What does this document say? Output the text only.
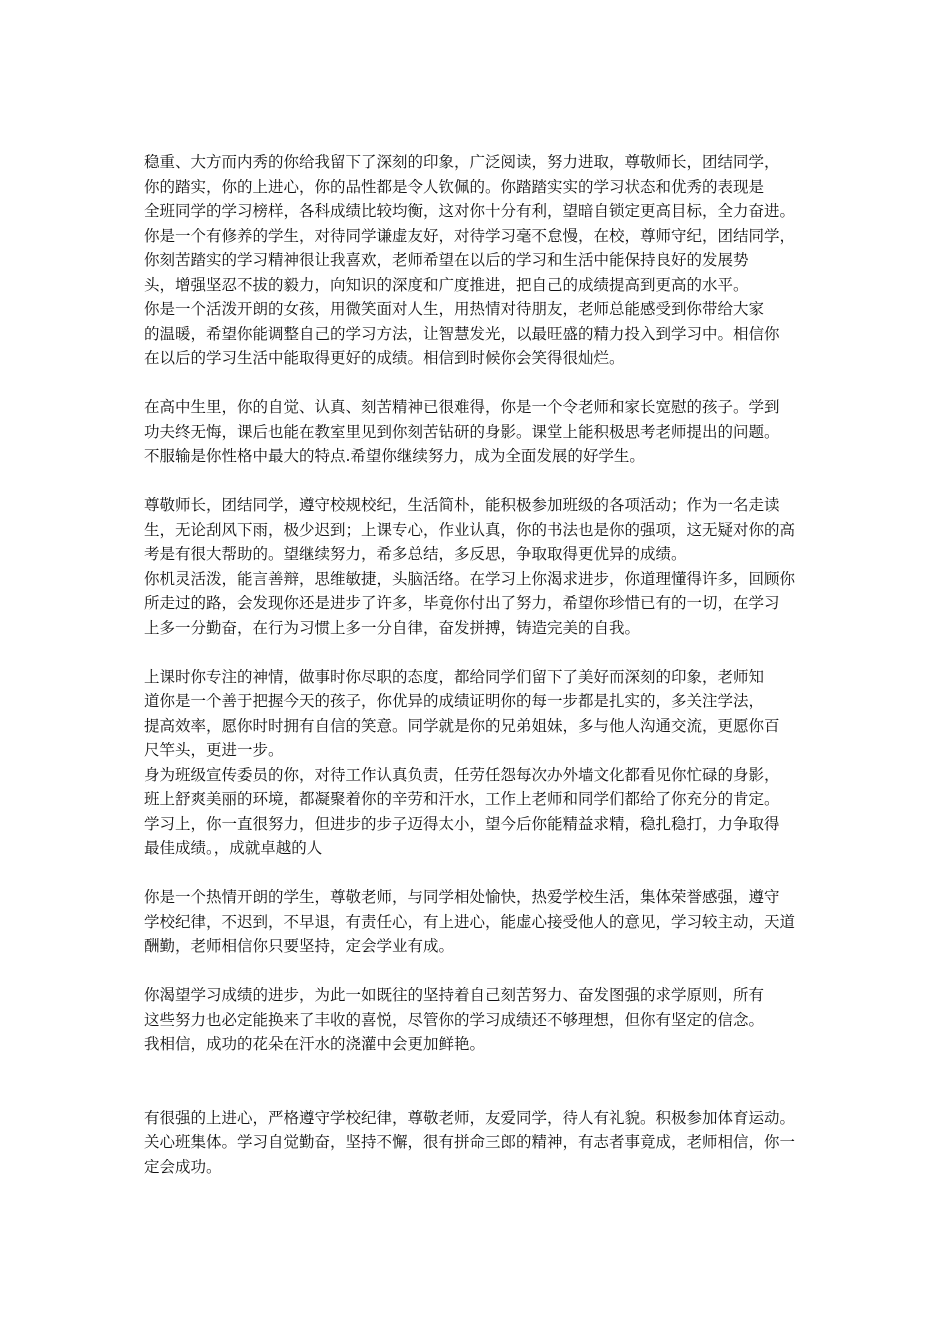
稳重、大方而内秀的你给我留下了深刻的印象，广泛阅读，努力进取，尊敬师长，团结同学，
你的踏实，你的上进心，你的品性都是令人钦佩的。你踏踏实实的学习状态和优秀的表现是
全班同学的学习榜样，各科成绩比较均衡，这对你十分有利，望暗自锁定更高目标，全力奋进。
你是一个有修养的学生，对待同学谦虚友好，对待学习毫不怠慢，在校，尊师守纪，团结同学，
你刻苦踏实的学习精神很让我喜欢，老师希望在以后的学习和生活中能保持良好的发展势
头，增强坚忍不拔的毅力，向知识的深度和广度推进，把自己的成绩提高到更高的水平。
你是一个活泼开朗的女孩，用微笑面对人生，用热情对待朋友，老师总能感受到你带给大家
的温暖，希望你能调整自己的学习方法，让智慧发光，以最旺盛的精力投入到学习中。相信你
在以后的学习生活中能取得更好的成绩。相信到时候你会笑得很灿烂。
在高中生里，你的自觉、认真、刻苦精神已很难得，你是一个令老师和家长宽慰的孩子。学到
功夫终无悔，课后也能在教室里见到你刻苦钻研的身影。课堂上能积极思考老师提出的问题。
不服输是你性格中最大的特点.希望你继续努力，成为全面发展的好学生。
尊敬师长，团结同学，遵守校规校纪，生活简朴，能积极参加班级的各项活动；作为一名走读
生，无论刮风下雨，极少迟到；上课专心，作业认真，你的书法也是你的强项，这无疑对你的高
考是有很大帮助的。望继续努力，希多总结，多反思，争取取得更优异的成绩。
你机灵活泼，能言善辩，思维敏捷，头脑活络。在学习上你渴求进步，你道理懂得许多，回顾你
所走过的路，会发现你还是进步了许多，毕竟你付出了努力，希望你珍惜已有的一切，在学习
上多一分勤奋，在行为习惯上多一分自律，奋发拼搏，铸造完美的自我。
上课时你专注的神情，做事时你尽职的态度，都给同学们留下了美好而深刻的印象，老师知
道你是一个善于把握今天的孩子，你优异的成绩证明你的每一步都是扎实的，多关注学法，
提高效率，愿你时时拥有自信的笑意。同学就是你的兄弟姐妹，多与他人沟通交流，更愿你百
尺竿头，更进一步。
身为班级宣传委员的你，对待工作认真负责，任劳任怨每次办外墙文化都看见你忙碌的身影，
班上舒爽美丽的环境，都凝聚着你的辛劳和汗水，工作上老师和同学们都给了你充分的肯定。
学习上，你一直很努力，但进步的步子迈得太小，望今后你能精益求精，稳扎稳打，力争取得
最佳成绩。，成就卓越的人
你是一个热情开朗的学生，尊敬老师，与同学相处愉快，热爱学校生活，集体荣誉感强，遵守
学校纪律，不迟到，不早退，有责任心，有上进心，能虚心接受他人的意见，学习较主动，天道
酬勤，老师相信你只要坚持，定会学业有成。
你渴望学习成绩的进步，为此一如既往的坚持着自己刻苦努力、奋发图强的求学原则，所有
这些努力也必定能换来了丰收的喜悦，尽管你的学习成绩还不够理想，但你有坚定的信念。
我相信，成功的花朵在汗水的浇灌中会更加鲜艳。
有很强的上进心，严格遵守学校纪律，尊敬老师，友爱同学，待人有礼貌。积极参加体育运动。
关心班集体。学习自觉勤奋，坚持不懈，很有拼命三郎的精神，有志者事竟成，老师相信，你一
定会成功。
